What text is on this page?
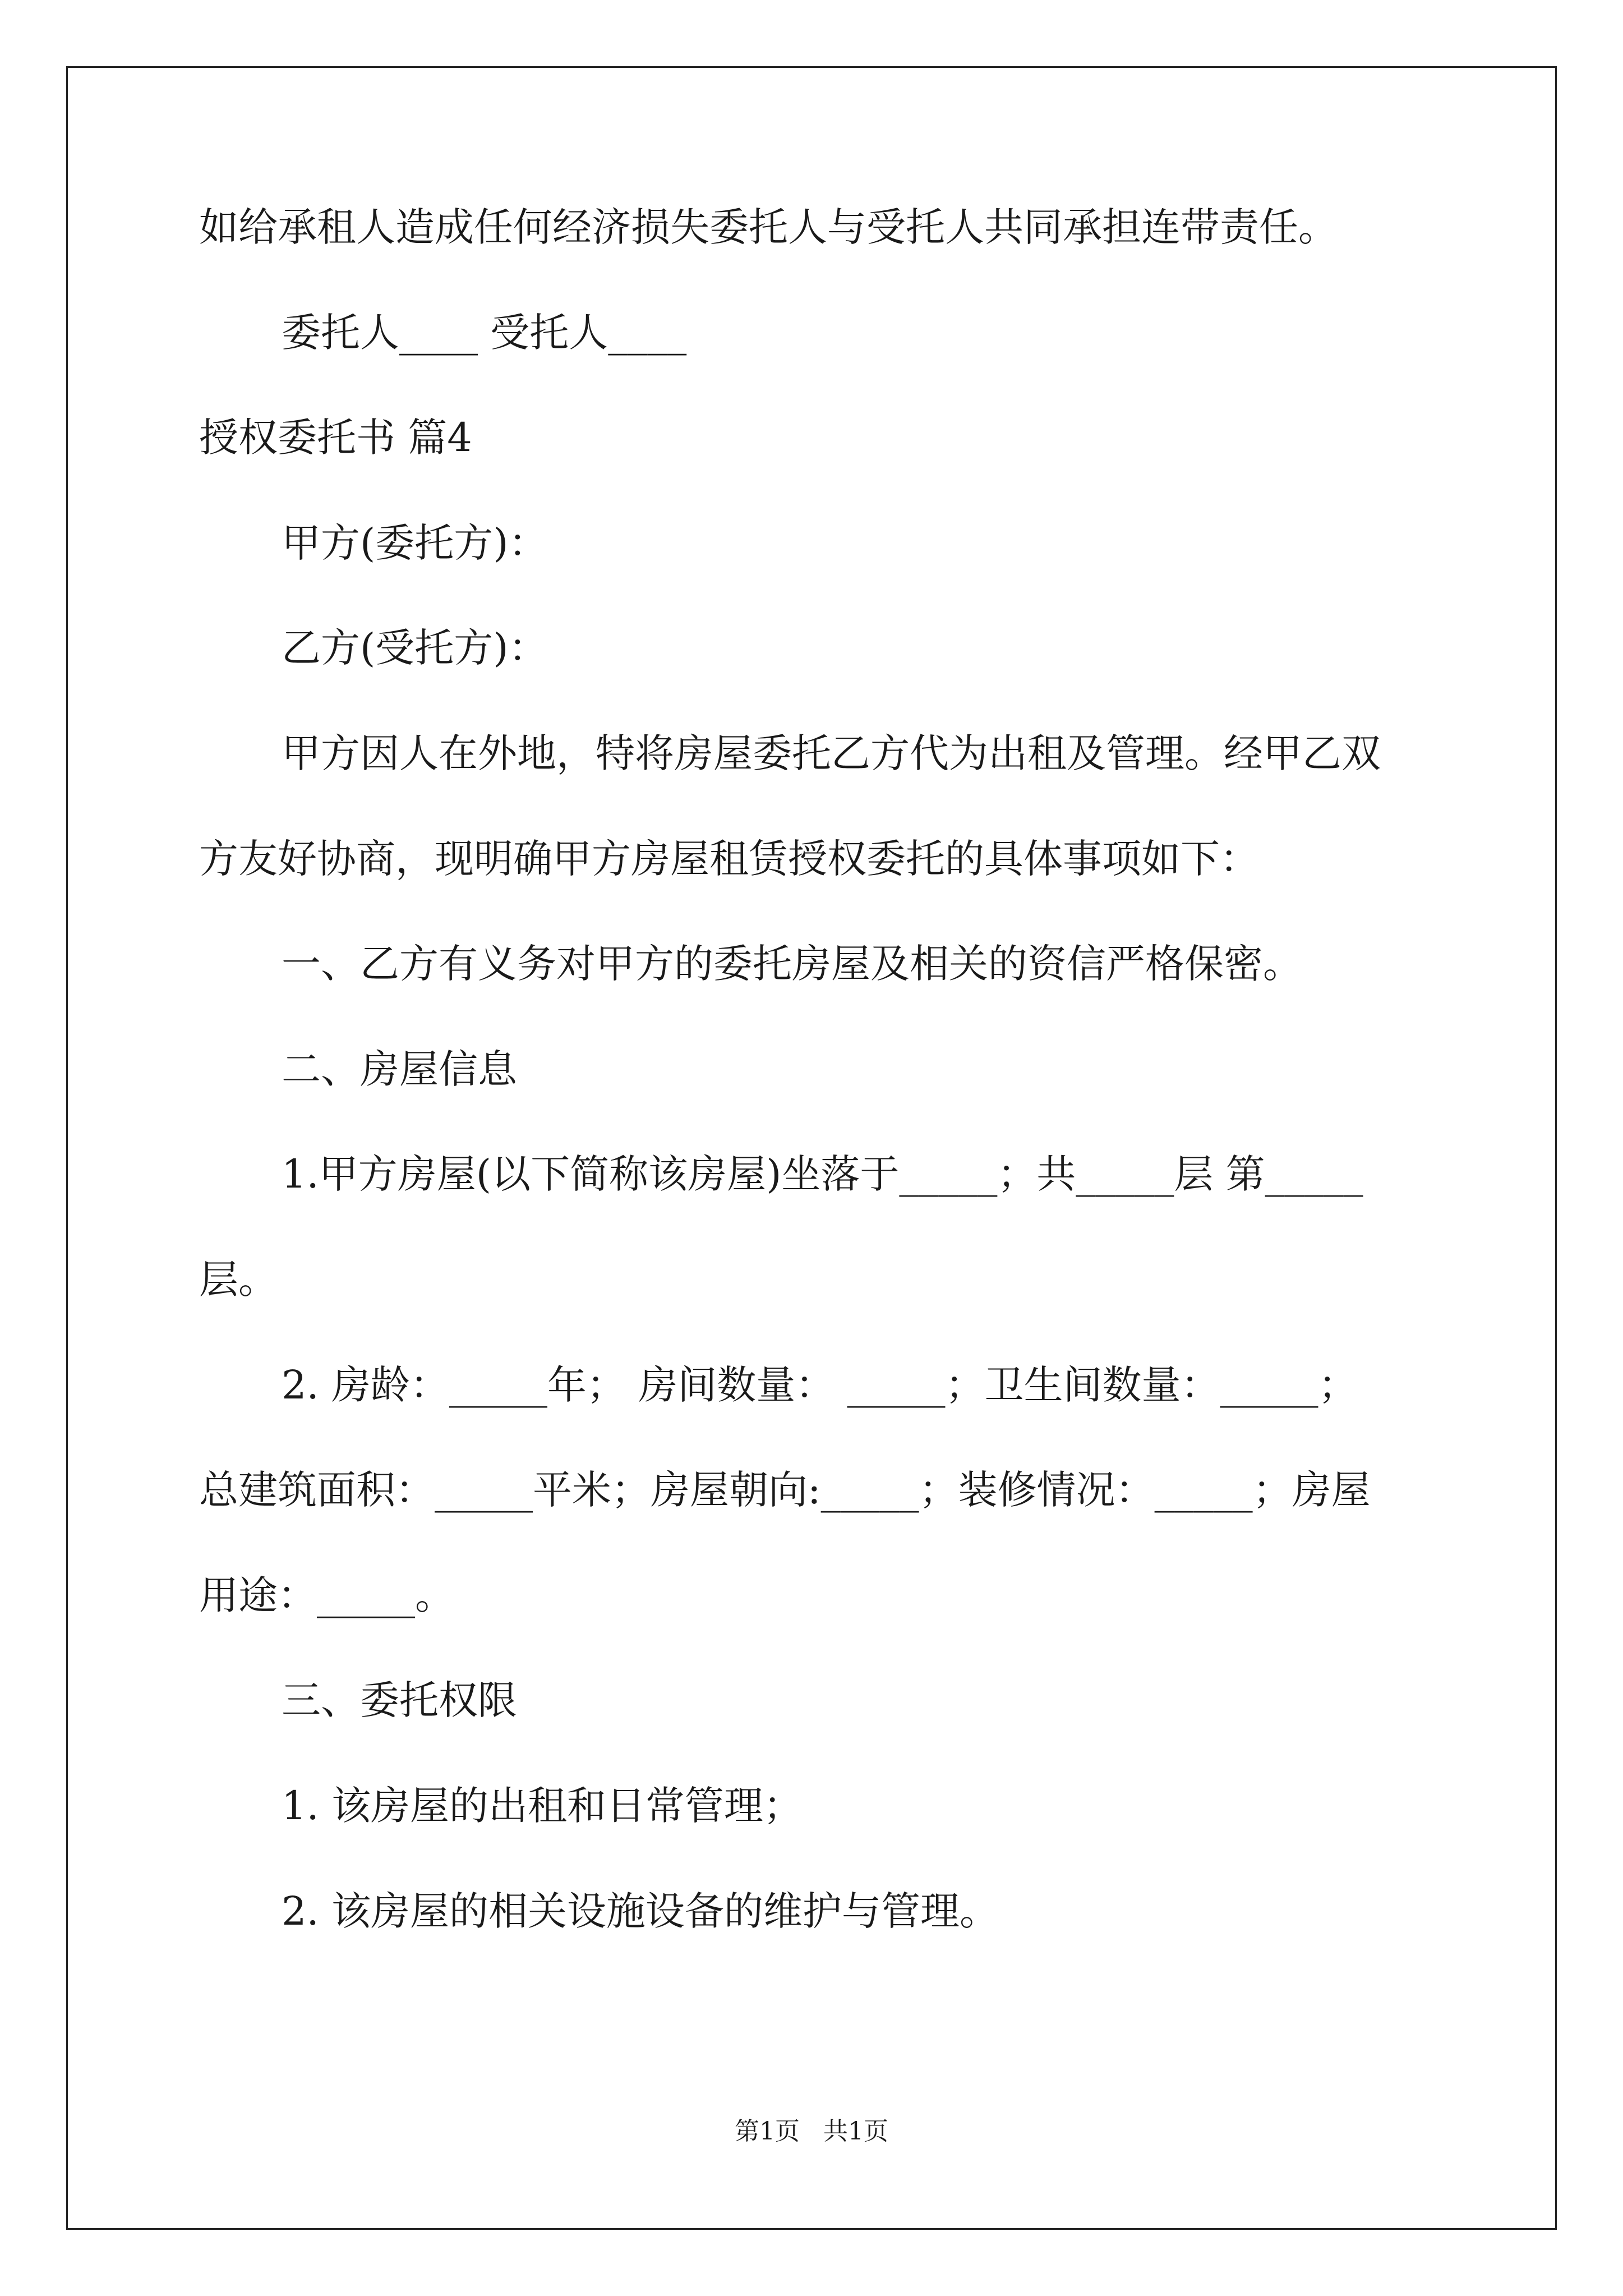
如给承租人造成任何经济损失委托人与受托人共同承担连带责任。
委托人____ 受托人____
授权委托书 篇4
甲方(委托方)：
乙方(受托方)：
甲方因人在外地，特将房屋委托乙方代为出租及管理。经甲乙双
方友好协商，现明确甲方房屋租赁授权委托的具体事项如下：
一、乙方有义务对甲方的委托房屋及相关的资信严格保密。
二、房屋信息
1.甲方房屋(以下简称该房屋)坐落于_____；共_____层 第_____
层。
2. 房龄：_____年； 房间数量： _____；卫生间数量：_____；
总建筑面积：_____平米；房屋朝向:_____；装修情况：_____；房屋
用途：_____。
三、委托权限
1. 该房屋的出租和日常管理；
2. 该房屋的相关设施设备的维护与管理。
第1页   共1页
